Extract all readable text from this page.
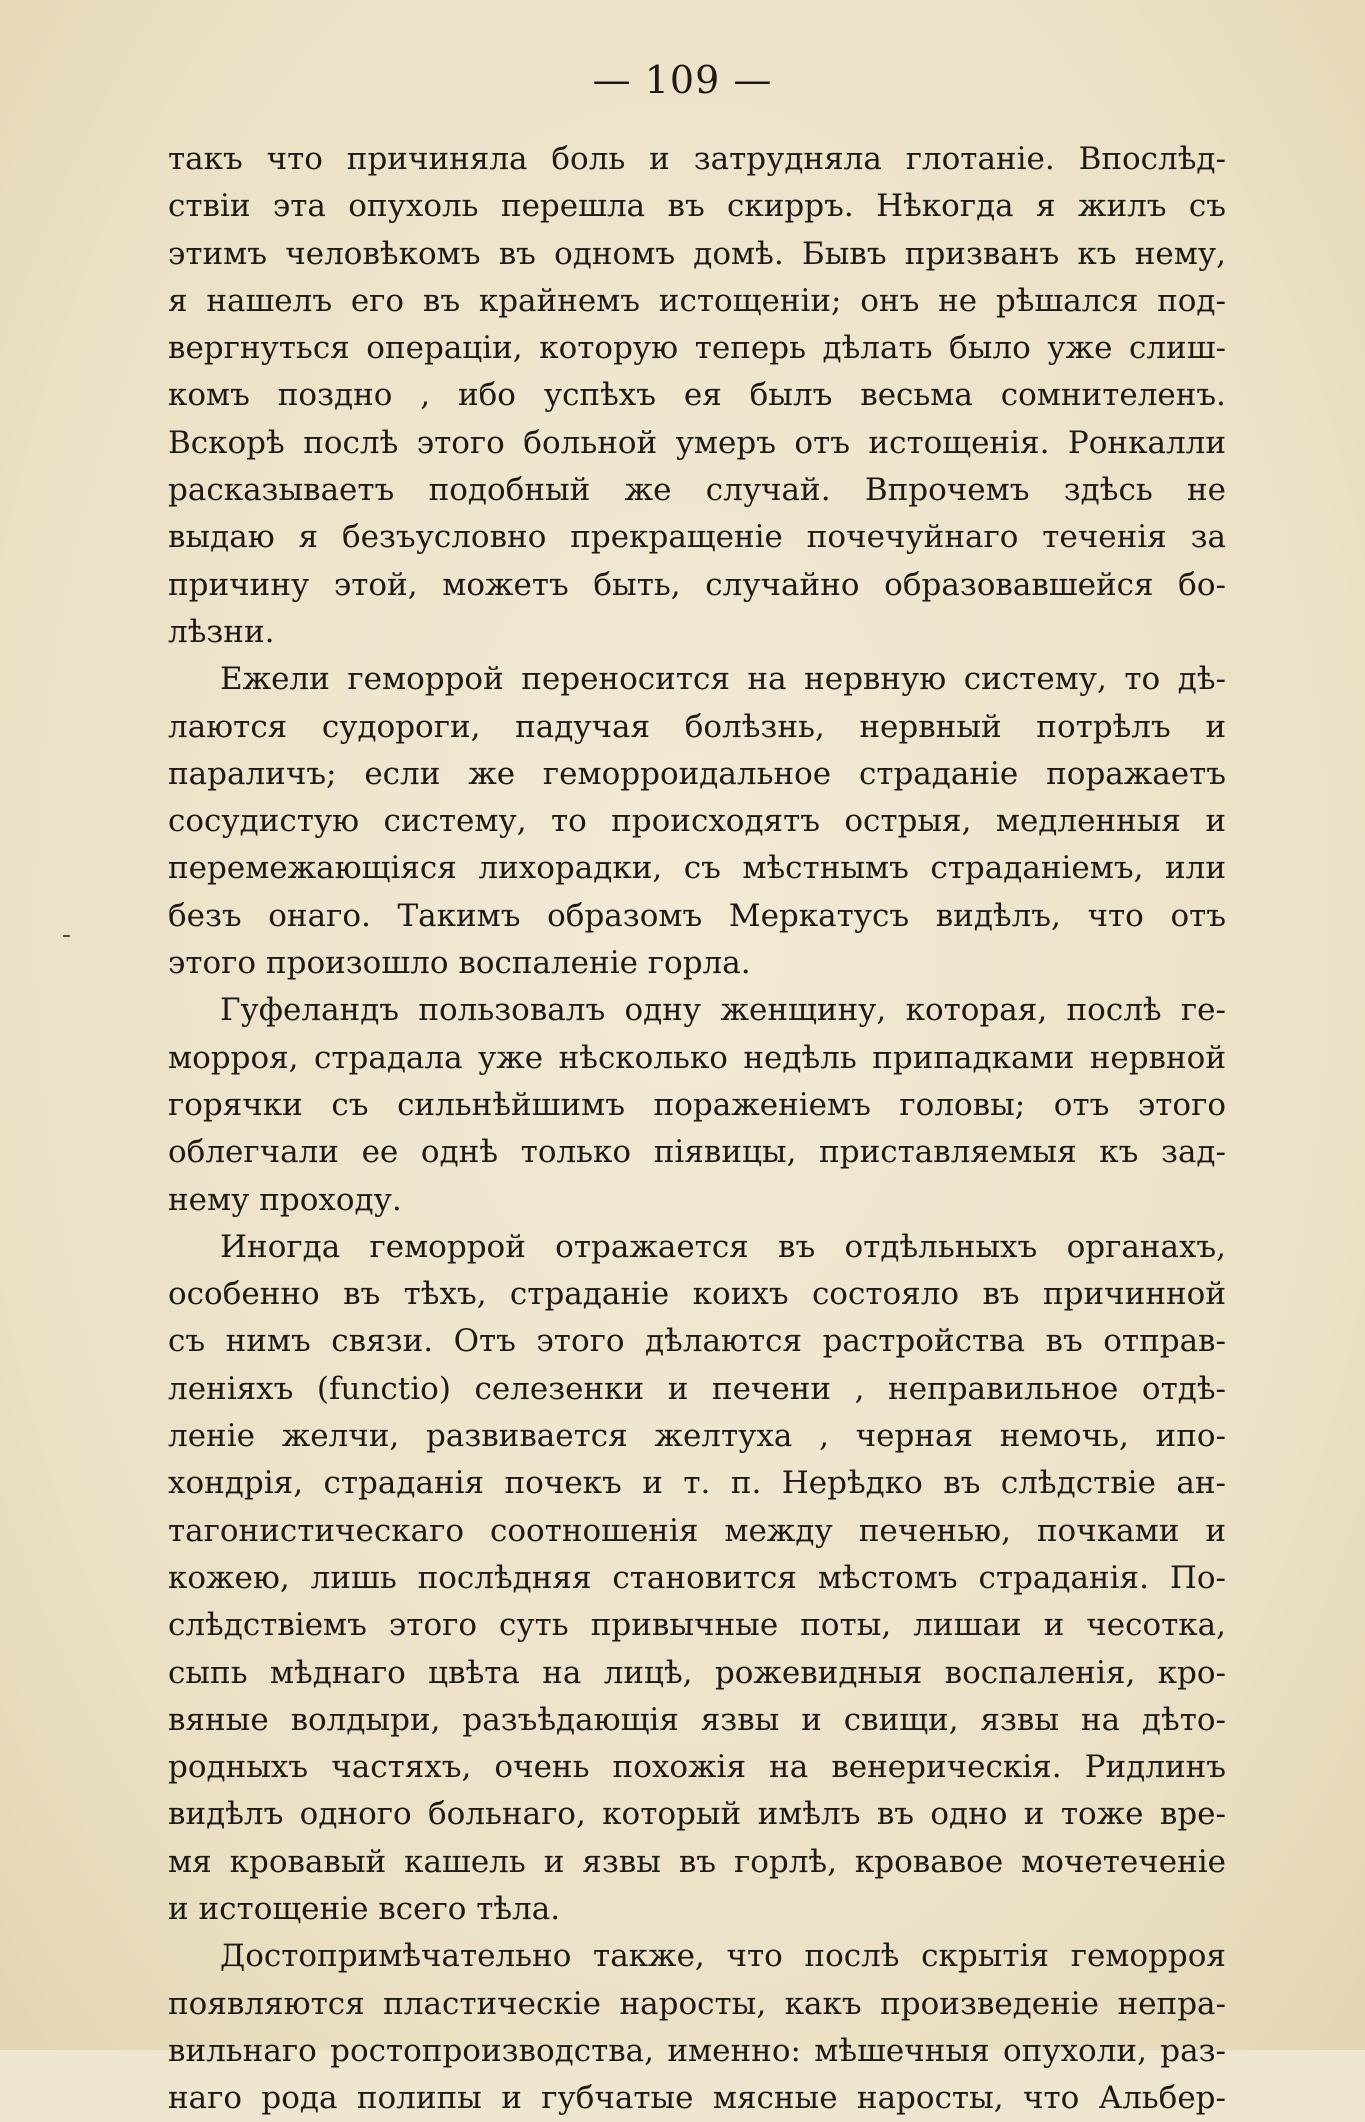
— 109 —
-
такъ что причиняла боль и затрудняла глотаніе. Впослѣд-
ствіи эта опухоль перешла въ скирръ. Нѣкогда я жилъ съ
этимъ человѣкомъ въ одномъ домѣ. Бывъ призванъ къ нему,
я нашелъ его въ крайнемъ истощеніи; онъ не рѣшался под-
вергнуться операціи, которую теперь дѣлать было уже слиш-
комъ поздно , ибо успѣхъ ея былъ весьма сомнителенъ.
Вскорѣ послѣ этого больной умеръ отъ истощенія. Ронкалли
расказываетъ подобный же случай. Впрочемъ здѣсь не
выдаю я безъусловно прекращеніе почечуйнаго теченія за
причину этой, можетъ быть, случайно образовавшейся бо-
лѣзни.
Ежели геморрой переносится на нервную систему, то дѣ-
лаются судороги, падучая болѣзнь, нервный потрѣлъ и
параличъ; если же геморроидальное страданіе поражаетъ
сосудистую систему, то происходятъ острыя, медленныя и
перемежающіяся лихорадки, съ мѣстнымъ страданіемъ, или
безъ онаго. Такимъ образомъ Меркатусъ видѣлъ, что отъ
этого произошло воспаленіе горла.
Гуфеландъ пользовалъ одну женщину, которая, послѣ ге-
морроя, страдала уже нѣсколько недѣль припадками нервной
горячки съ сильнѣйшимъ пораженіемъ головы; отъ этого
облегчали ее однѣ только піявицы, приставляемыя къ зад-
нему проходу.
Иногда геморрой отражается въ отдѣльныхъ органахъ,
особенно въ тѣхъ, страданіе коихъ состояло въ причинной
съ нимъ связи. Отъ этого дѣлаются растройства въ отправ-
леніяхъ (functio) селезенки и печени , неправильное отдѣ-
леніе желчи, развивается желтуха , черная немочь, ипо-
хондрія, страданія почекъ и т. п. Нерѣдко въ слѣдствіе ан-
тагонистическаго соотношенія между печенью, почками и
кожею, лишь послѣдняя становится мѣстомъ страданія. По-
слѣдствіемъ этого суть привычные поты, лишаи и чесотка,
сыпь мѣднаго цвѣта на лицѣ, рожевидныя воспаленія, кро-
вяные волдыри, разъѣдающія язвы и свищи, язвы на дѣто-
родныхъ частяхъ, очень похожія на венерическія. Ридлинъ
видѣлъ одного больнаго, который имѣлъ въ одно и тоже вре-
мя кровавый кашель и язвы въ горлѣ, кровавое мочетеченіе
и истощеніе всего тѣла.
Достопримѣчательно также, что послѣ скрытія геморроя
появляются пластическіе наросты, какъ произведеніе непра-
вильнаго ростопроизводства, именно: мѣшечныя опухоли, раз-
наго рода полипы и губчатые мясные наросты, что Альбер-
